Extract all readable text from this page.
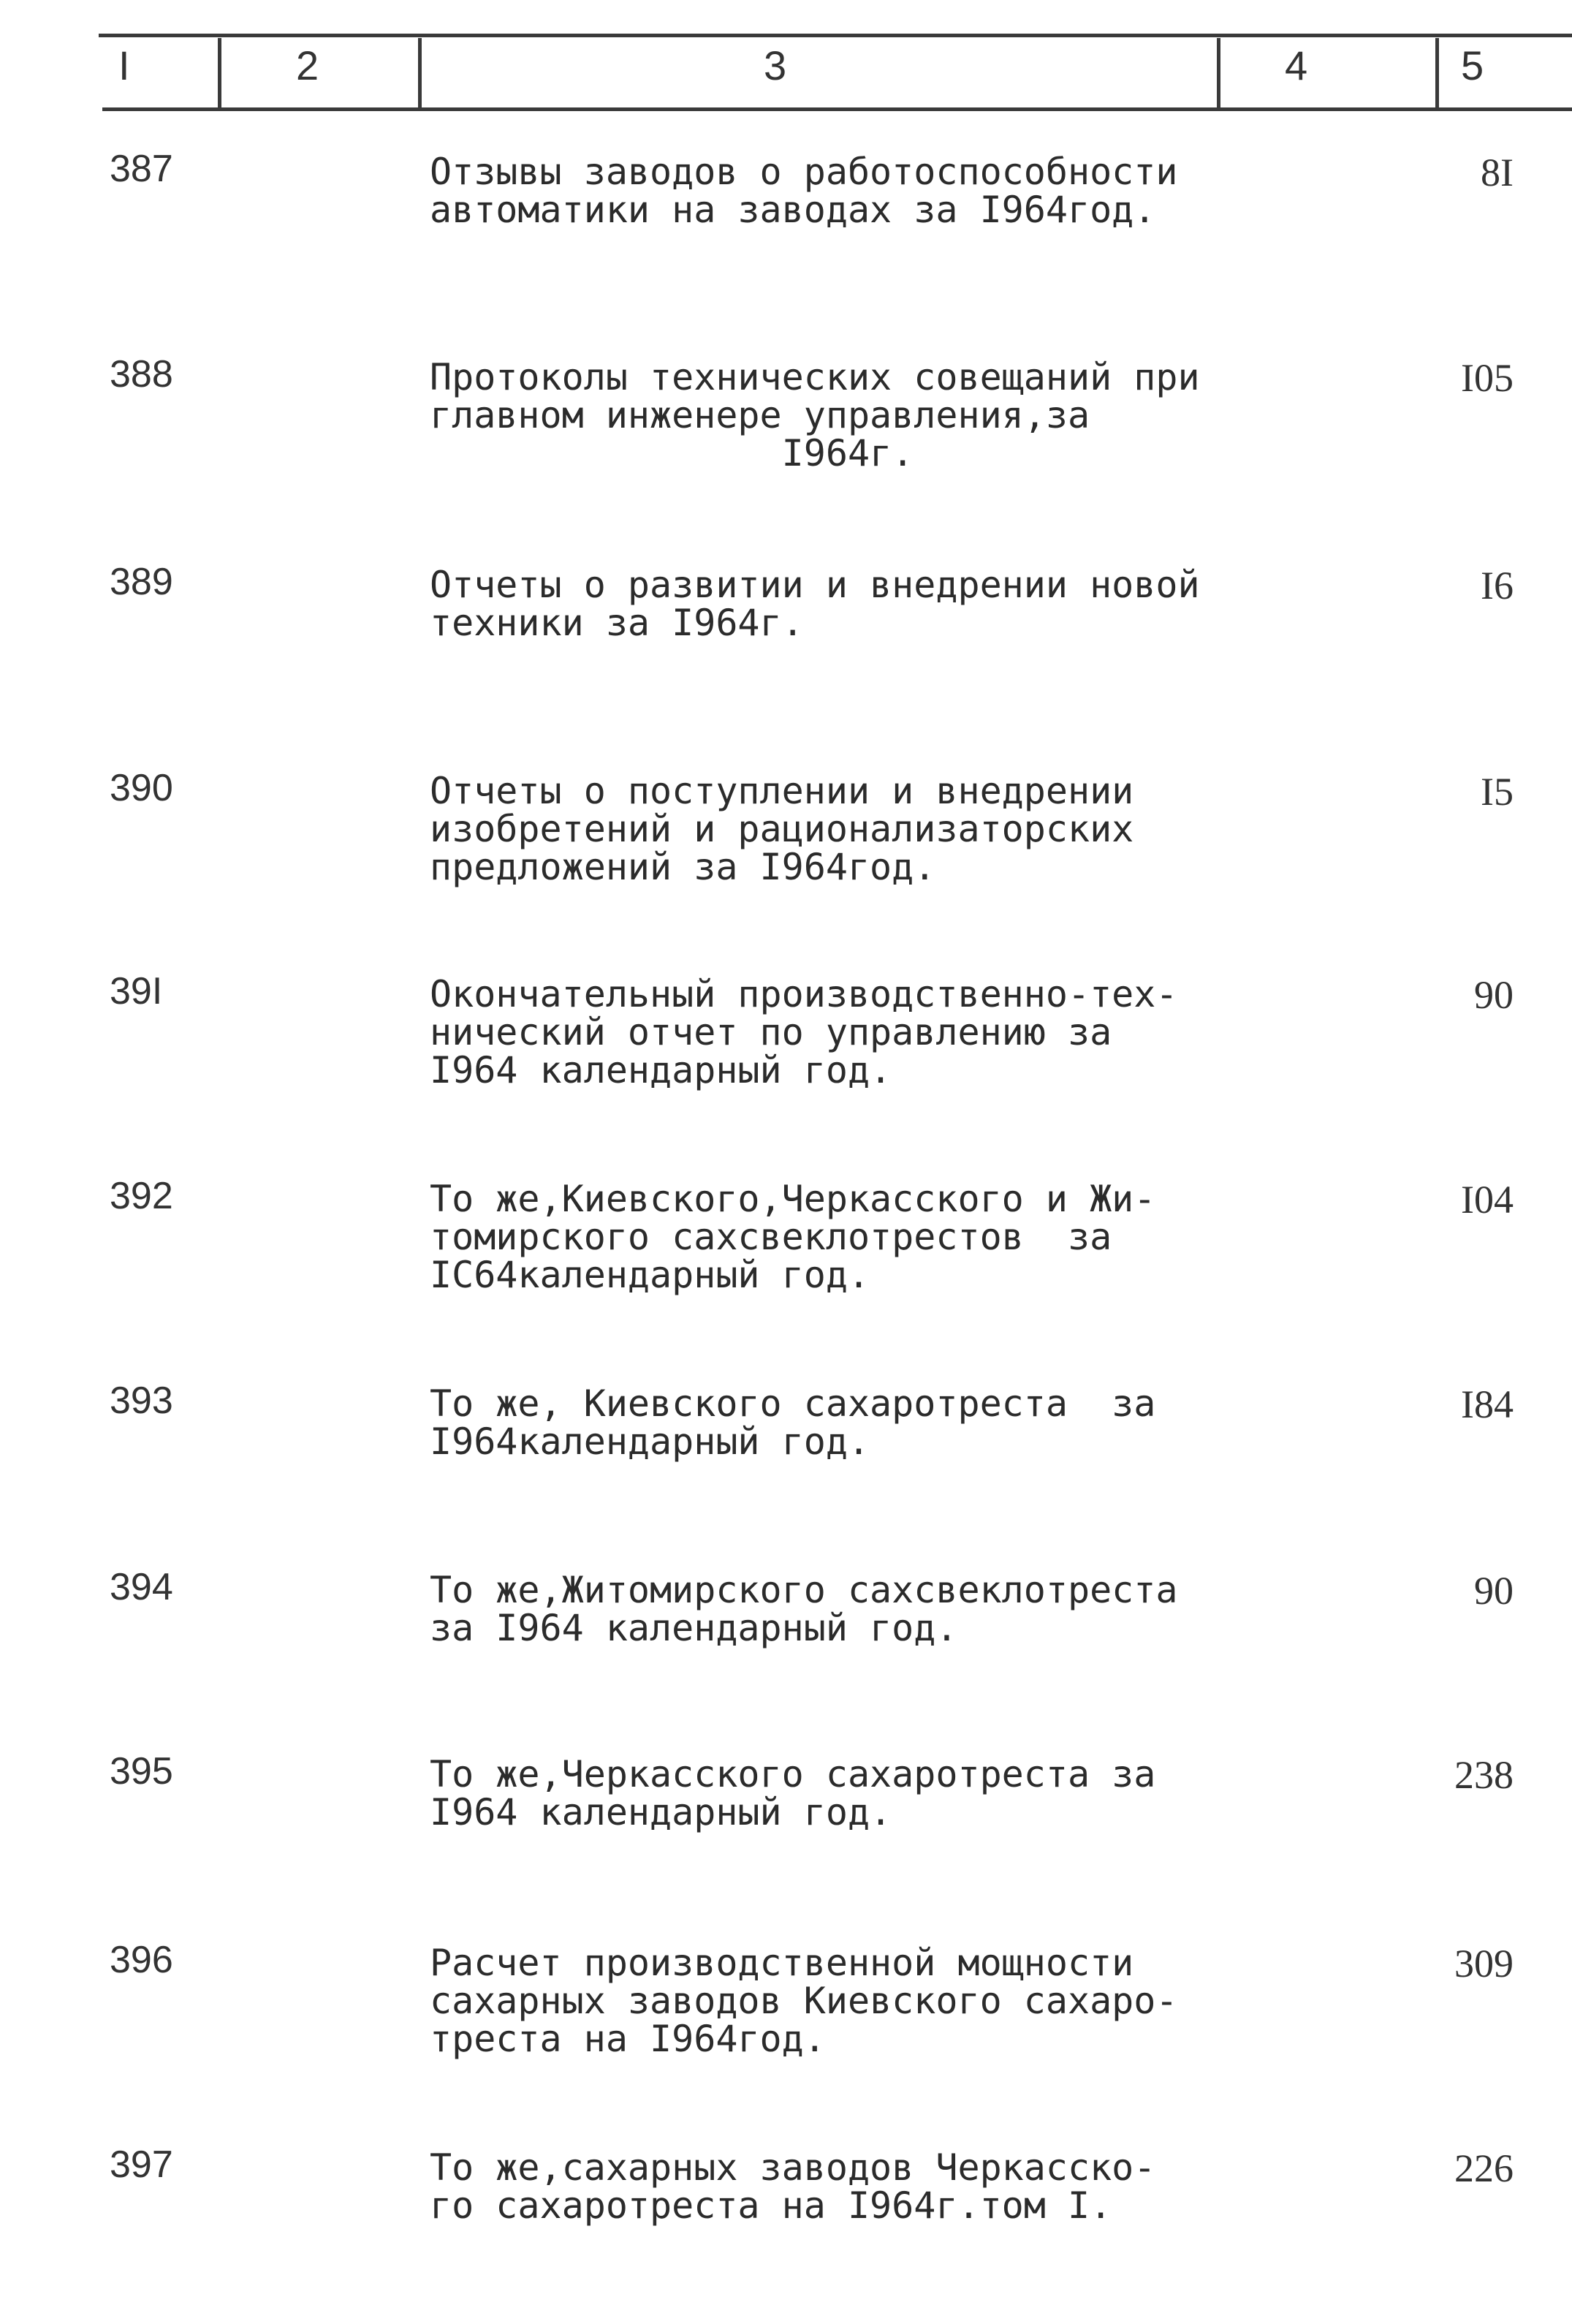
I	2	3	4	5
387	Отзывы заводов о работоспособности
автоматики на заводах за I964год.
8I
388	Протоколы технических совещаний при
главном инженере управления,за
I964г.
I05
389	Отчеты о развитии и внедрении новой
техники за I964г.
I6
390	Отчеты о поступлении и внедрении
изобретений и рационализаторских
предложений за I964год.
I5
39I	Окончательный производственно-тех-
нический отчет по управлению за
I964 календарный год.
90
392	То же,Киевского,Черкасского и Жи-
томирского сахсвеклотрестов  за
IС64календарный год.
I04
393	То же, Киевского сахаротреста  за
I964календарный год.
I84
394	То же,Житомирского сахсвеклотреста
за I964 календарный год.
90
395	То же,Черкасского сахаротреста за
I964 календарный год.
238
396	Расчет производственной мощности
сахарных заводов Киевского сахаро-
треста на I964год.
309
397	То же,сахарных заводов Черкасско-
го сахаротреста на I964г.том I.
226
